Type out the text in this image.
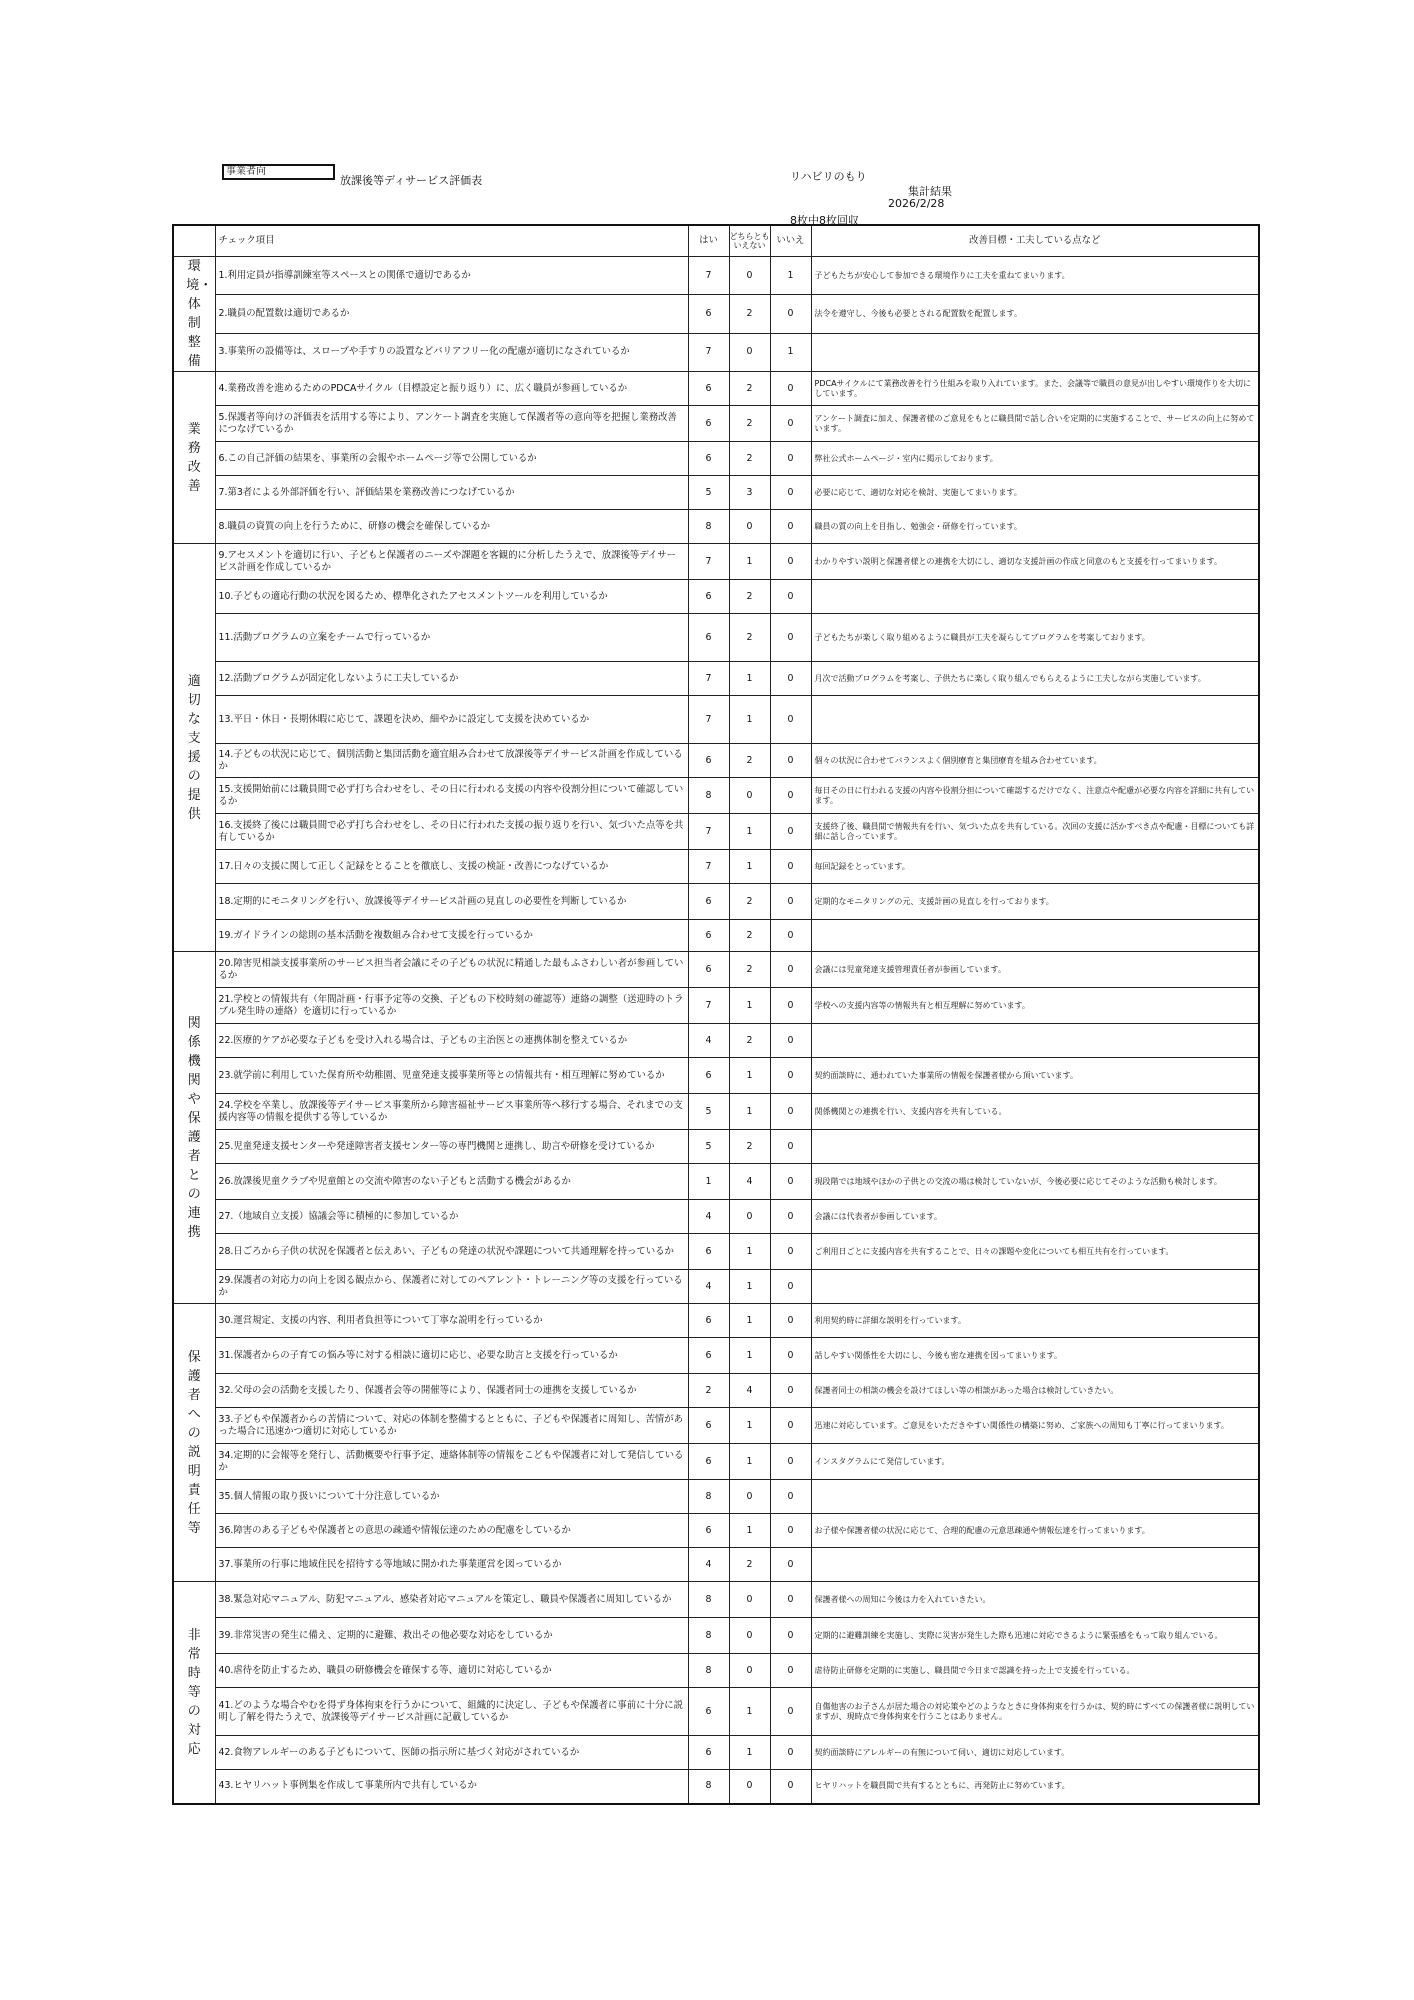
事業者向
放課後等ディサービス評価表	リハビリのもり
集計結果
2026/2/28
8枚中8枚回収
	チェック項目	はい	どちらとも いえない	いいえ	改善目標・工夫している点など
環境・体制整備	1.利用定員が指導訓練室等スペースとの関係で適切であるか	7	0	1	子どもたちが安心して参加できる環境作りに工夫を重ねてまいります。
	2.職員の配置数は適切であるか	6	2	0	法令を遵守し、今後も必要とされる配置数を配置します。
	3.事業所の設備等は、スロープや手すりの設置などバリアフリー化の配慮が適切になされているか	7	0	1	
業務改善	4.業務改善を進めるためのPDCAサイクル（目標設定と振り返り）に、広く職員が参画しているか	6	2	0	PDCAサイクルにて業務改善を行う仕組みを取り入れています。また、会議等で職員の意見が出しやすい環境作りを大切にしています。
	5.保護者等向けの評価表を活用する等により、アンケート調査を実施して保護者等の意向等を把握し業務改善につなげているか	6	2	0	アンケート調査に加え、保護者様のご意見をもとに職員間で話し合いを定期的に実施することで、サービスの向上に努めています。
	6.この自己評価の結果を、事業所の会報やホームページ等で公開しているか	6	2	0	弊社公式ホームページ・室内に掲示しております。
	7.第3者による外部評価を行い、評価結果を業務改善につなげているか	5	3	0	必要に応じて、適切な対応を検討、実施してまいります。
	8.職員の資質の向上を行うために、研修の機会を確保しているか	8	0	0	職員の質の向上を目指し、勉強会・研修を行っています。
適切な支援の提供	9.アセスメントを適切に行い、子どもと保護者のニーズや課題を客観的に分析したうえで、放課後等デイサービス計画を作成しているか	7	1	0	わかりやすい説明と保護者様との連携を大切にし、適切な支援計画の作成と同意のもと支援を行ってまいります。
	10.子どもの適応行動の状況を図るため、標準化されたアセスメントツールを利用しているか	6	2	0	
	11.活動プログラムの立案をチームで行っているか	6	2	0	子どもたちが楽しく取り組めるように職員が工夫を凝らしてプログラムを考案しております。
	12.活動プログラムが固定化しないように工夫しているか	7	1	0	月次で活動プログラムを考案し、子供たちに楽しく取り組んでもらえるように工夫しながら実施しています。
	13.平日・休日・長期休暇に応じて、課題を決め、細やかに設定して支援を決めているか	7	1	0	
	14.子どもの状況に応じて、個別活動と集団活動を適宜組み合わせて放課後等デイサービス計画を作成しているか	6	2	0	個々の状況に合わせてバランスよく個別療育と集団療育を組み合わせています。
	15.支援開始前には職員間で必ず打ち合わせをし、その日に行われる支援の内容や役割分担について確認しているか	8	0	0	毎日その日に行われる支援の内容や役割分担について確認するだけでなく、注意点や配慮が必要な内容を詳細に共有しています。
	16.支援終了後には職員間で必ず打ち合わせをし、その日に行われた支援の振り返りを行い、気づいた点等を共有しているか	7	1	0	支援終了後、職員間で情報共有を行い、気づいた点を共有している。次回の支援に活かすべき点や配慮・目標についても詳細に話し合っています。
	17.日々の支援に関して正しく記録をとることを徹底し、支援の検証・改善につなげているか	7	1	0	毎回記録をとっています。
	18.定期的にモニタリングを行い、放課後等デイサービス計画の見直しの必要性を判断しているか	6	2	0	定期的なモニタリングの元、支援計画の見直しを行っております。
	19.ガイドラインの総則の基本活動を複数組み合わせて支援を行っているか	6	2	0	
関係機関や保護者との連携	20.障害児相談支援事業所のサービス担当者会議にその子どもの状況に精通した最もふさわしい者が参画しているか	6	2	0	会議には児童発達支援管理責任者が参画しています。
	21.学校との情報共有（年間計画・行事予定等の交換、子どもの下校時刻の確認等）連絡の調整（送迎時のトラブル発生時の連絡）を適切に行っているか	7	1	0	学校への支援内容等の情報共有と相互理解に努めています。
	22.医療的ケアが必要な子どもを受け入れる場合は、子どもの主治医との連携体制を整えているか	4	2	0	
	23.就学前に利用していた保育所や幼稚園、児童発達支援事業所等との情報共有・相互理解に努めているか	6	1	0	契約面談時に、通われていた事業所の情報を保護者様から頂いています。
	24.学校を卒業し、放課後等デイサービス事業所から障害福祉サービス事業所等へ移行する場合、それまでの支援内容等の情報を提供する等しているか	5	1	0	関係機関との連携を行い、支援内容を共有している。
	25.児童発達支援センターや発達障害者支援センター等の専門機関と連携し、助言や研修を受けているか	5	2	0	
	26.放課後児童クラブや児童館との交流や障害のない子どもと活動する機会があるか	1	4	0	現段階では地域やほかの子供との交流の場は検討していないが、今後必要に応じてそのような活動も検討します。
	27.（地域自立支援）協議会等に積極的に参加しているか	4	0	0	会議には代表者が参画しています。
	28.日ごろから子供の状況を保護者と伝えあい、子どもの発達の状況や課題について共通理解を持っているか	6	1	0	ご利用日ごとに支援内容を共有することで、日々の課題や変化についても相互共有を行っています。
	29.保護者の対応力の向上を図る観点から、保護者に対してのペアレント・トレーニング等の支援を行っているか	4	1	0	
保護者への説明責任等	30.運営規定、支援の内容、利用者負担等について丁寧な説明を行っているか	6	1	0	利用契約時に詳細な説明を行っています。
	31.保護者からの子育ての悩み等に対する相談に適切に応じ、必要な助言と支援を行っているか	6	1	0	話しやすい関係性を大切にし、今後も密な連携を図ってまいります。
	32.父母の会の活動を支援したり、保護者会等の開催等により、保護者同士の連携を支援しているか	2	4	0	保護者同士の相談の機会を設けてほしい等の相談があった場合は検討していきたい。
	33.子どもや保護者からの苦情について、対応の体制を整備するとともに、子どもや保護者に周知し、苦情があった場合に迅速かつ適切に対応しているか	6	1	0	迅速に対応しています。ご意見をいただきやすい関係性の構築に努め、ご家族への周知も丁寧に行ってまいります。
	34.定期的に会報等を発行し、活動概要や行事予定、連絡体制等の情報をこどもや保護者に対して発信しているか	6	1	0	インスタグラムにて発信しています。
	35.個人情報の取り扱いについて十分注意しているか	8	0	0	
	36.障害のある子どもや保護者との意思の疎通や情報伝達のための配慮をしているか	6	1	0	お子様や保護者様の状況に応じて、合理的配慮の元意思疎通や情報伝達を行ってまいります。
	37.事業所の行事に地域住民を招待する等地域に開かれた事業運営を図っているか	4	2	0	
非常時等の対応	38.緊急対応マニュアル、防犯マニュアル、感染者対応マニュアルを策定し、職員や保護者に周知しているか	8	0	0	保護者様への周知に今後は力を入れていきたい。
	39.非常災害の発生に備え、定期的に避難、救出その他必要な対応をしているか	8	0	0	定期的に避難訓練を実施し、実際に災害が発生した際も迅速に対応できるように緊張感をもって取り組んでいる。
	40.虐待を防止するため、職員の研修機会を確保する等、適切に対応しているか	8	0	0	虐待防止研修を定期的に実施し、職員間で今日まで認識を持った上で支援を行っている。
	41.どのような場合やむを得ず身体拘束を行うかについて、組織的に決定し、子どもや保護者に事前に十分に説明し了解を得たうえで、放課後等デイサービス計画に記載しているか	6	1	0	自傷他害のお子さんが居た場合の対応策やどのようなときに身体拘束を行うかは、契約時にすべての保護者様に説明していますが、現時点で身体拘束を行うことはありません。
	42.食物アレルギーのある子どもについて、医師の指示所に基づく対応がされているか	6	1	0	契約面談時にアレルギーの有無について伺い、適切に対応しています。
	43.ヒヤリハット事例集を作成して事業所内で共有しているか	8	0	0	ヒヤリハットを職員間で共有するとともに、再発防止に努めています。
